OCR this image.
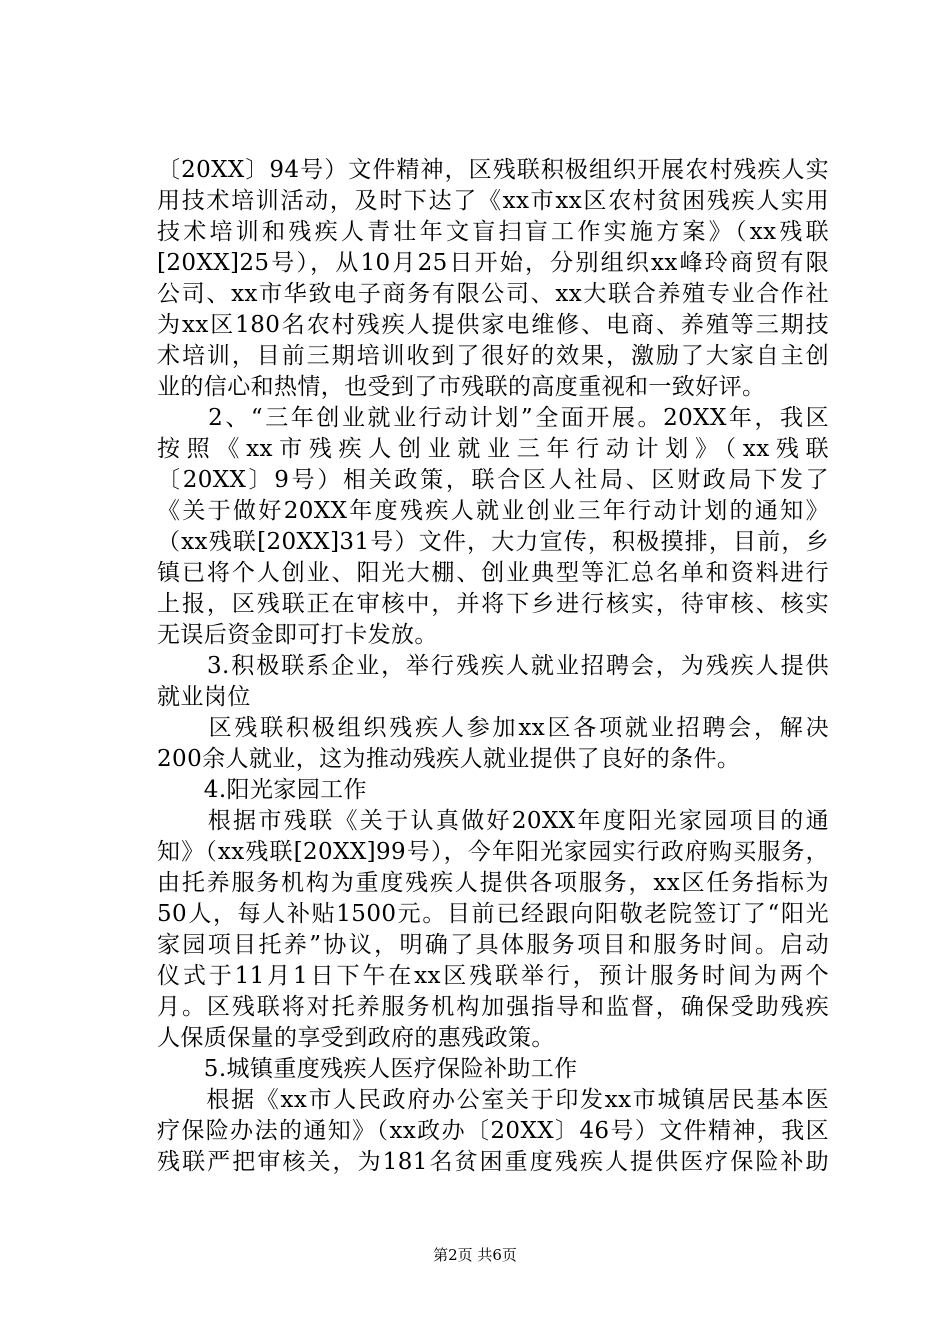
〔20XX〕94号）文件精神，区残联积极组织开展农村残疾人实
用技术培训活动，及时下达了《xx市xx区农村贫困残疾人实用
技术培训和残疾人青壮年文盲扫盲工作实施方案》（xx残联
[20XX]25号），从10月25日开始，分别组织xx峰玲商贸有限
公司、xx市华致电子商务有限公司、xx大联合养殖专业合作社
为xx区180名农村残疾人提供家电维修、电商、养殖等三期技
术培训，目前三期培训收到了很好的效果，激励了大家自主创
业的信心和热情，也受到了市残联的高度重视和一致好评。
　　2、“三年创业就业行动计划”全面开展。20XX年，我区
按照《xx市残疾人创业就业三年行动计划》（xx残联
〔20XX〕9号）相关政策，联合区人社局、区财政局下发了
《关于做好20XX年度残疾人就业创业三年行动计划的通知》
（xx残联[20XX]31号）文件，大力宣传，积极摸排，目前，乡
镇已将个人创业、阳光大棚、创业典型等汇总名单和资料进行
上报，区残联正在审核中，并将下乡进行核实，待审核、核实
无误后资金即可打卡发放。
　　3.积极联系企业，举行残疾人就业招聘会，为残疾人提供
就业岗位
　　区残联积极组织残疾人参加xx区各项就业招聘会，解决
200余人就业，这为推动残疾人就业提供了良好的条件。
　　4.阳光家园工作
　　根据市残联《关于认真做好20XX年度阳光家园项目的通
知》（xx残联[20XX]99号），今年阳光家园实行政府购买服务，
由托养服务机构为重度残疾人提供各项服务，xx区任务指标为
50人，每人补贴1500元。目前已经跟向阳敬老院签订了“阳光
家园项目托养”协议，明确了具体服务项目和服务时间。启动
仪式于11月1日下午在xx区残联举行，预计服务时间为两个
月。区残联将对托养服务机构加强指导和监督，确保受助残疾
人保质保量的享受到政府的惠残政策。
　　5.城镇重度残疾人医疗保险补助工作
　　根据《xx市人民政府办公室关于印发xx市城镇居民基本医
疗保险办法的通知》（xx政办〔20XX〕46号）文件精神，我区
残联严把审核关，为181名贫困重度残疾人提供医疗保险补助
第2页 共6页
